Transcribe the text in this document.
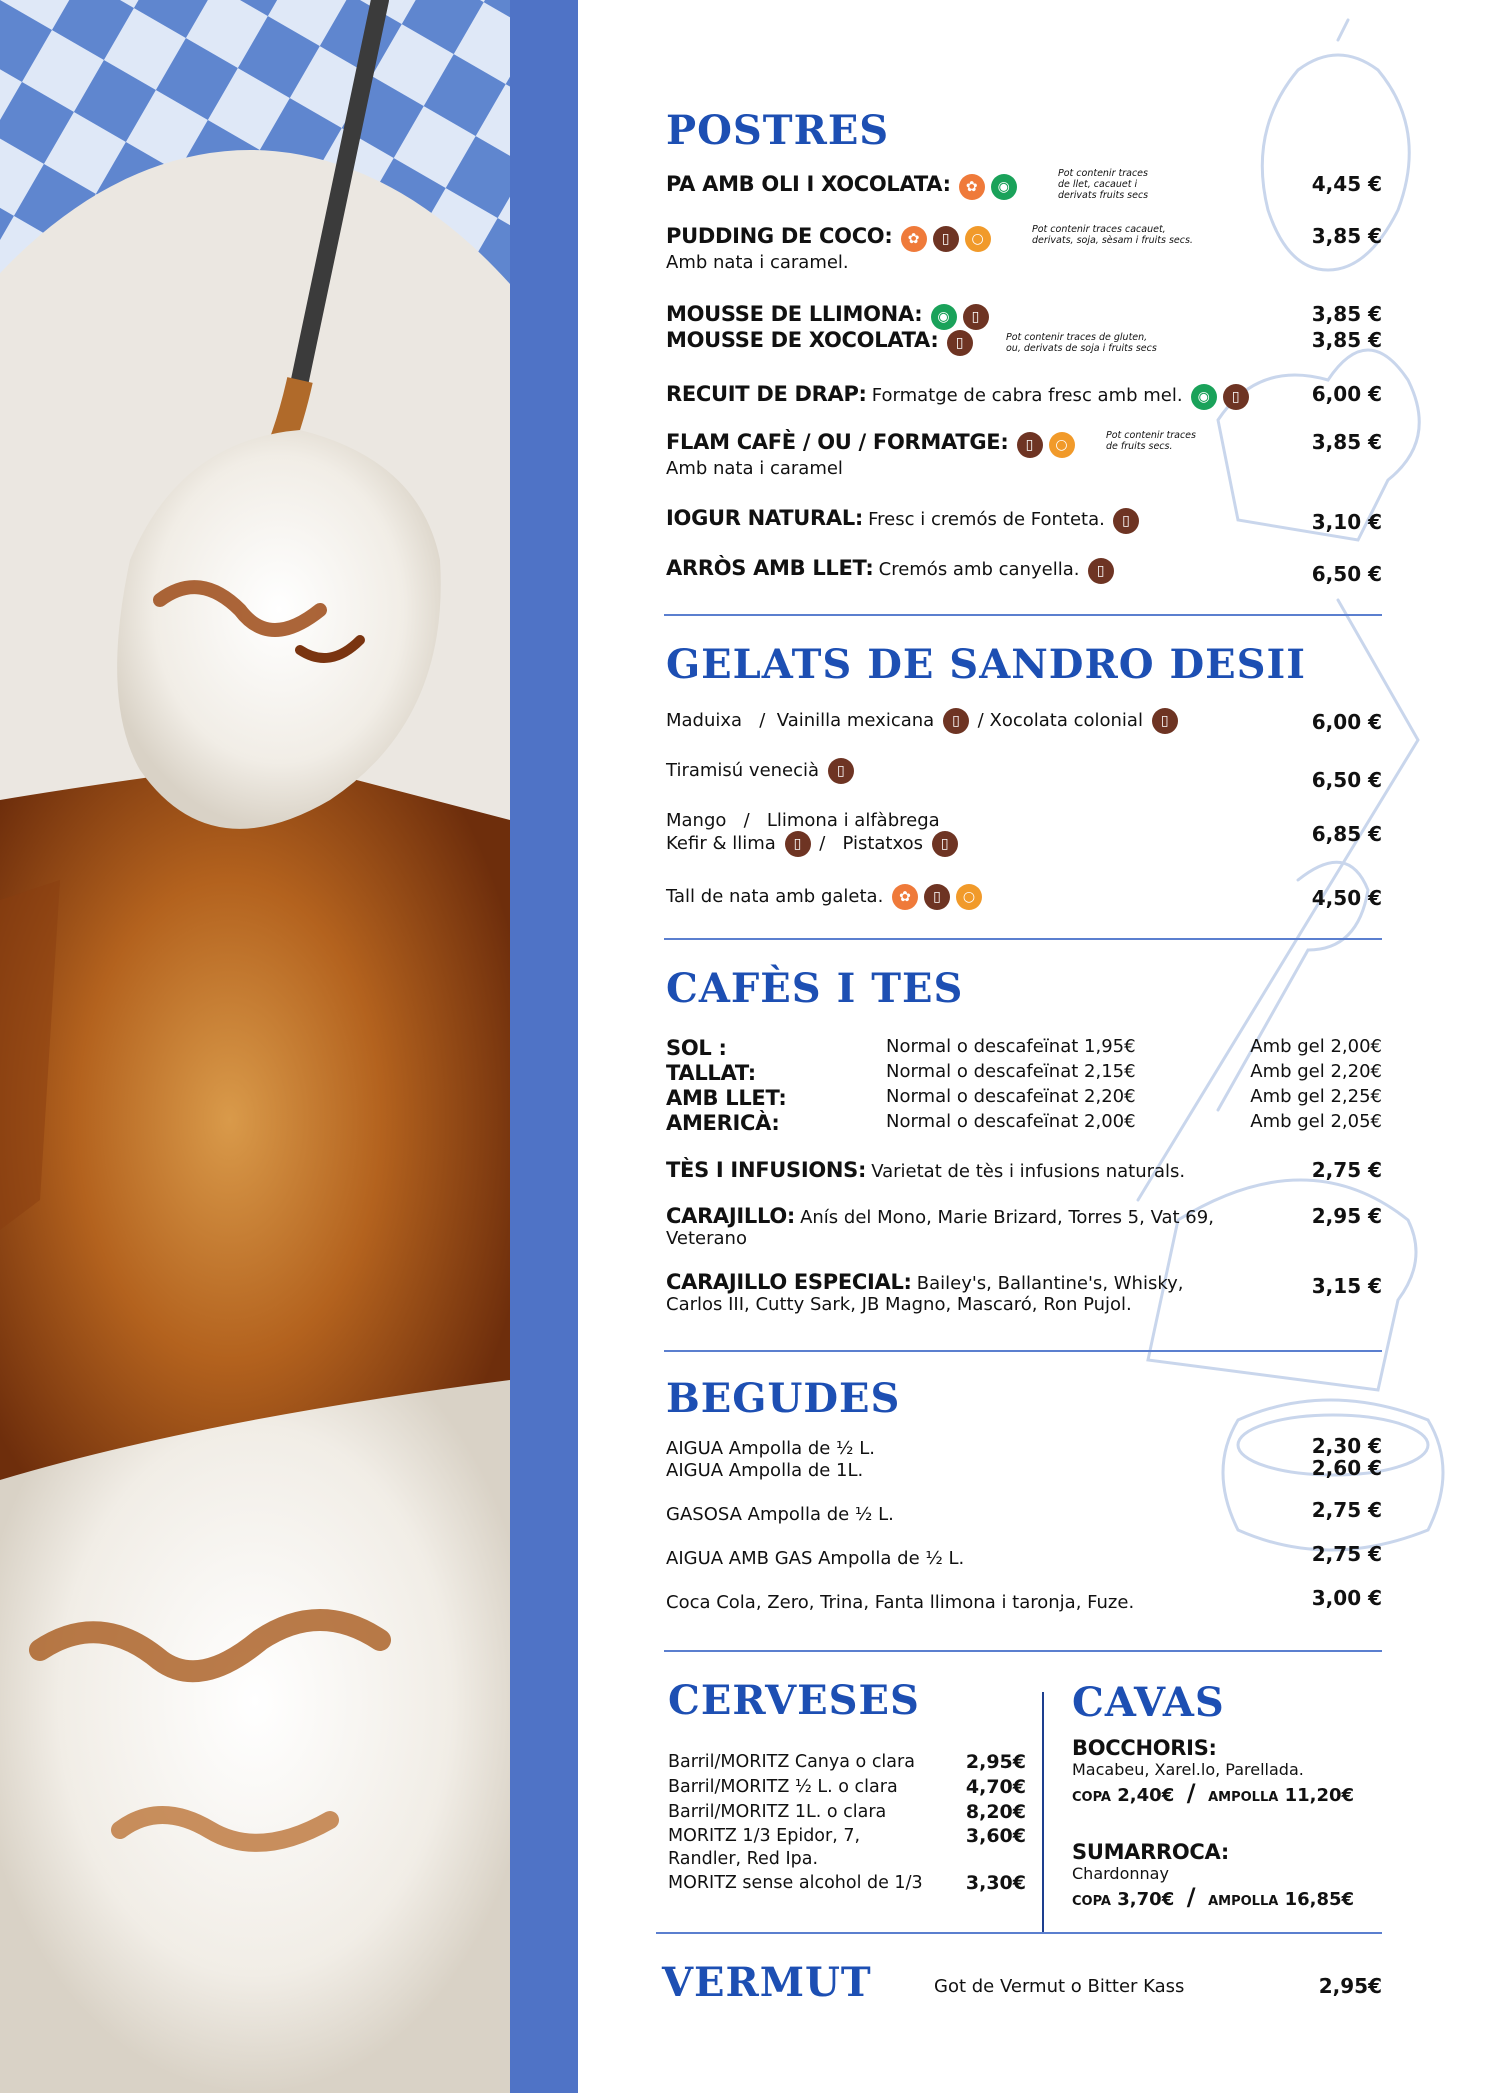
POSTRES
PA AMB OLI I XOCOLATA: ✿ ◉
Pot contenir traces
de llet, cacauet i
derivats fruits secs	4,45 €
PUDDING DE COCO: ✿ ▯ ○
Pot contenir traces cacauet,
derivats, soja, sèsam i fruits secs.
Amb nata i caramel.
3,85 €
MOUSSE DE LLIMONA: ◉ ▯	3,85 €
MOUSSE DE XOCOLATA: ▯	Pot contenir traces de gluten,
ou, derivats de soja i fruits secs	3,85 €
RECUIT DE DRAP: Formatge de cabra fresc amb mel. ◉ ▯	6,00 €
FLAM CAFÈ / OU / FORMATGE: ▯ ○
Pot contenir traces
de fruits secs.
Amb nata i caramel
3,85 €
IOGUR NATURAL: Fresc i cremós de Fonteta. ▯	3,10 €
ARRÒS AMB LLET: Cremós amb canyella. ▯	6,50 €
GELATS DE SANDRO DESII
Maduixa / Vainilla mexicana ▯ / Xocolata colonial ▯	6,00 €
Tiramisú venecià ▯	6,50 €
Mango / Llimona i alfàbrega
Kefir & llima ▯ / Pistatxos ▯	6,85 €
Tall de nata amb galeta. ✿ ▯ ○	4,50 €
CAFÈS I TES
SOL :	Normal o descafeïnat 1,95€	Amb gel 2,00€
TALLAT:	Normal o descafeïnat 2,15€	Amb gel 2,20€
AMB LLET:	Normal o descafeïnat 2,20€	Amb gel 2,25€
AMERICÀ:	Normal o descafeïnat 2,00€	Amb gel 2,05€
TÈS I INFUSIONS: Varietat de tès i infusions naturals.	2,75 €
CARAJILLO: Anís del Mono, Marie Brizard, Torres 5, Vat 69,
Veterano
2,95 €
CARAJILLO ESPECIAL: Bailey's, Ballantine's, Whisky,
Carlos III, Cutty Sark, JB Magno, Mascaró, Ron Pujol.
3,15 €
BEGUDES
AIGUA Ampolla de ½ L.	2,30 €
AIGUA Ampolla de 1L.	2,60 €
GASOSA Ampolla de ½ L.	2,75 €
AIGUA AMB GAS Ampolla de ½ L.	2,75 €
Coca Cola, Zero, Trina, Fanta llimona i taronja, Fuze.	3,00 €
CERVESES
Barril/MORITZ Canya o clara	2,95€
Barril/MORITZ ½ L. o clara	4,70€
Barril/MORITZ 1L. o clara	8,20€
MORITZ 1/3 Epidor, 7,	3,60€
Randler, Red Ipa.
MORITZ sense alcohol de 1/3 3,30€
CAVAS
BOCCHORIS:
Macabeu, Xarel.lo, Parellada.
COPA 2,40€ / AMPOLLA 11,20€
SUMARROCA:
Chardonnay
COPA 3,70€ / AMPOLLA 16,85€
VERMUT	Got de Vermut o Bitter Kass	2,95€
